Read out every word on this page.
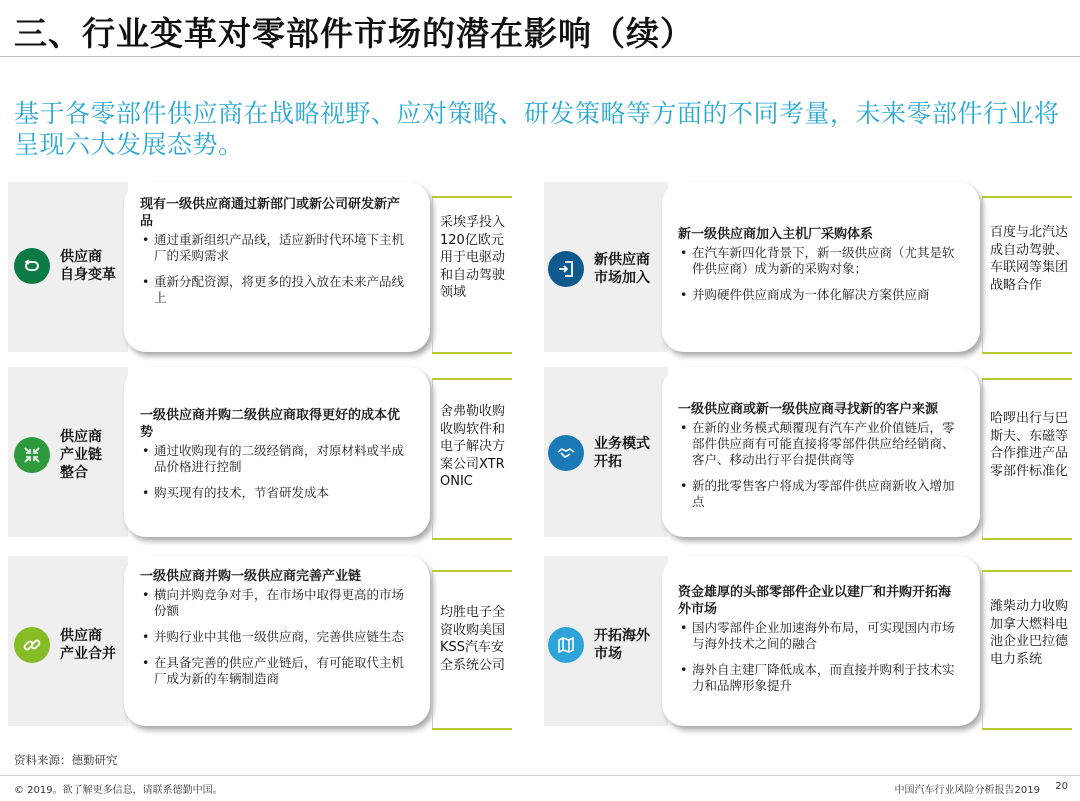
三、行业变革对零部件市场的潜在影响（续）
基于各零部件供应商在战略视野、应对策略、研发策略等方面的不同考量，未来零部件行业将呈现六大发展态势。
供应商
自身变革
现有一级供应商通过新部门或新公司研发新产品
• 通过重新组织产品线，适应新时代环境下主机厂的采购需求
• 重新分配资源，将更多的投入放在未来产品线上
采埃孚投入120亿欧元用于电驱动和自动驾驶领域
供应商
产业链
整合
一级供应商并购二级供应商取得更好的成本优势
• 通过收购现有的二级经销商，对原材料或半成品价格进行控制
• 购买现有的技术，节省研发成本
舍弗勒收购收购软件和电子解决方案公司XTRONIC
供应商
产业合并
一级供应商并购一级供应商完善产业链
• 横向并购竞争对手，在市场中取得更高的市场份额
• 并购行业中其他一级供应商，完善供应链生态
• 在具备完善的供应产业链后，有可能取代主机厂成为新的车辆制造商
均胜电子全资收购美国KSS汽车安全系统公司
新供应商
市场加入
新一级供应商加入主机厂采购体系
• 在汽车新四化背景下，新一级供应商（尤其是软件供应商）成为新的采购对象；
• 并购硬件供应商成为一体化解决方案供应商
百度与北汽达成自动驾驶、车联网等集团战略合作
业务模式
开拓
一级供应商或新一级供应商寻找新的客户来源
• 在新的业务模式颠覆现有汽车产业价值链后，零部件供应商有可能直接将零部件供应给经销商、客户、移动出行平台提供商等
• 新的批零售客户将成为零部件供应商新收入增加点
哈啰出行与巴斯夫、东磁等合作推进产品零部件标准化
开拓海外
市场
资金雄厚的头部零部件企业以建厂和并购开拓海外市场
• 国内零部件企业加速海外布局，可实现国内市场与海外技术之间的融合
• 海外自主建厂降低成本，而直接并购利于技术实力和品牌形象提升
潍柴动力收购加拿大燃料电池企业巴拉德电力系统
资料来源：德勤研究
© 2019。欲了解更多信息，请联系德勤中国。	中国汽车行业风险分析报告2019 20
